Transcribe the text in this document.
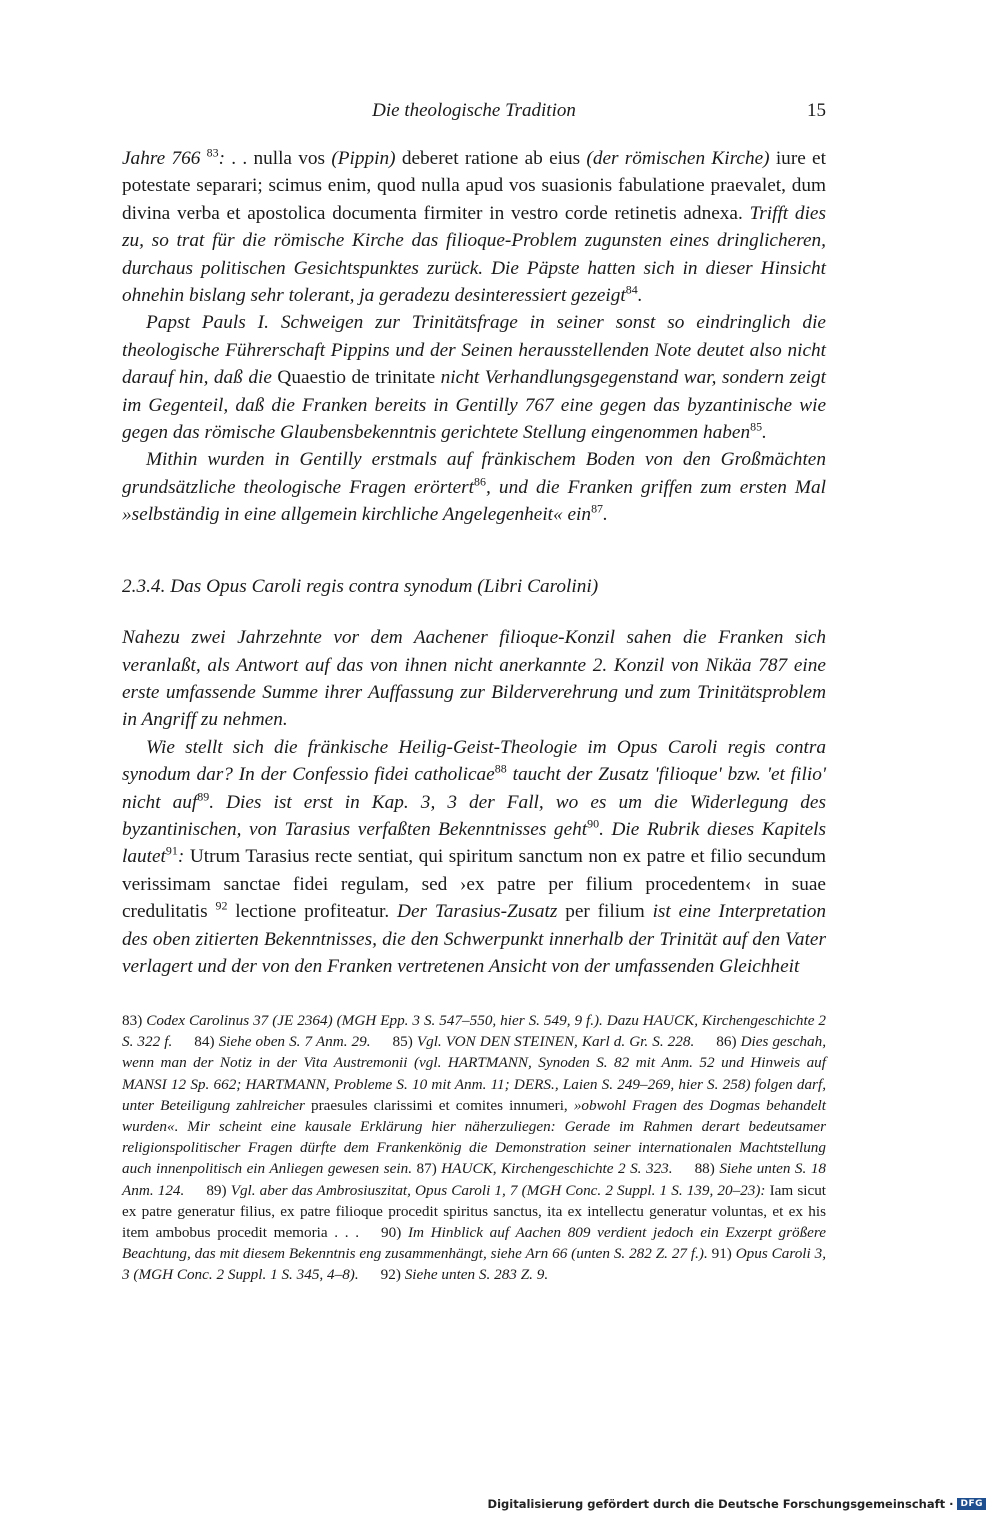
Die theologische Tradition	15

Jahre 766 $^{83}$: . . nulla vos (Pippin) deberet ratione ab eius (der römischen Kirche) iure et potestate separari; scimus enim, quod nulla apud vos suasionis fabulatione praevalet, dum divina verba et apostolica documenta firmiter in vestro corde retinetis adnexa. Trifft dies zu, so trat für die römische Kirche das filioque-Problem zugunsten eines dringlicheren, durchaus politischen Gesichtspunktes zurück. Die Päpste hatten sich in dieser Hinsicht ohnehin bislang sehr tolerant, ja geradezu desinteressiert gezeigt$^{84}$.

Papst Pauls I. Schweigen zur Trinitätsfrage in seiner sonst so eindringlich die theologische Führerschaft Pippins und der Seinen herausstellenden Note deutet also nicht darauf hin, daß die Quaestio de trinitate nicht Verhandlungsgegenstand war, sondern zeigt im Gegenteil, daß die Franken bereits in Gentilly 767 eine gegen das byzantinische wie gegen das römische Glaubensbekenntnis gerichtete Stellung eingenommen haben$^{85}$.

Mithin wurden in Gentilly erstmals auf fränkischem Boden von den Großmächten grundsätzliche theologische Fragen erörtert$^{86}$, und die Franken griffen zum ersten Mal »selbständig in eine allgemein kirchliche Angelegenheit« ein$^{87}$.

2.3.4. Das Opus Caroli regis contra synodum (Libri Carolini)

Nahezu zwei Jahrzehnte vor dem Aachener filioque-Konzil sahen die Franken sich veranlaßt, als Antwort auf das von ihnen nicht anerkannte 2. Konzil von Nikäa 787 eine erste umfassende Summe ihrer Auffassung zur Bilderverehrung und zum Trinitätsproblem in Angriff zu nehmen.

Wie stellt sich die fränkische Heilig-Geist-Theologie im Opus Caroli regis contra synodum dar? In der Confessio fidei catholicae$^{88}$ taucht der Zusatz 'filioque' bzw. 'et filio' nicht auf$^{89}$. Dies ist erst in Kap. 3, 3 der Fall, wo es um die Widerlegung des byzantinischen, von Tarasius verfaßten Bekenntnisses geht$^{90}$. Die Rubrik dieses Kapitels lautet$^{91}$: Utrum Tarasius recte sentiat, qui spiritum sanctum non ex patre et filio secundum verissimam sanctae fidei regulam, sed ›ex patre per filium procedentem‹ in suae credulitatis $^{92}$ lectione profiteatur. Der Tarasius-Zusatz per filium ist eine Interpretation des oben zitierten Bekenntnisses, die den Schwerpunkt innerhalb der Trinität auf den Vater verlagert und der von den Franken vertretenen Ansicht von der umfassenden Gleichheit

83) Codex Carolinus 37 (JE 2364) (MGH Epp. 3 S. 547–550, hier S. 549, 9 f.). Dazu HAUCK, Kirchengeschichte 2 S. 322 f. 84) Siehe oben S. 7 Anm. 29. 85) Vgl. VON DEN STEINEN, Karl d. Gr. S. 228. 86) Dies geschah, wenn man der Notiz in der Vita Austremonii (vgl. HARTMANN, Synoden S. 82 mit Anm. 52 und Hinweis auf MANSI 12 Sp. 662; HARTMANN, Probleme S. 10 mit Anm. 11; DERS., Laien S. 249–269, hier S. 258) folgen darf, unter Beteiligung zahlreicher praesules clarissimi et comites innumeri, »obwohl Fragen des Dogmas behandelt wurden«. Mir scheint eine kausale Erklärung hier näherzuliegen: Gerade im Rahmen derart bedeutsamer religionspolitischer Fragen dürfte dem Frankenkönig die Demonstration seiner internationalen Machtstellung auch innenpolitisch ein Anliegen gewesen sein. 87) HAUCK, Kirchengeschichte 2 S. 323. 88) Siehe unten S. 18 Anm. 124. 89) Vgl. aber das Ambrosiuszitat, Opus Caroli 1, 7 (MGH Conc. 2 Suppl. 1 S. 139, 20–23): Iam sicut ex patre generatur filius, ex patre filioque procedit spiritus sanctus, ita ex intellectu generatur voluntas, et ex his item ambobus procedit memoria . . . 90) Im Hinblick auf Aachen 809 verdient jedoch ein Exzerpt größere Beachtung, das mit diesem Bekenntnis eng zusammenhängt, siehe Arn 66 (unten S. 282 Z. 27 f.). 91) Opus Caroli 3, 3 (MGH Conc. 2 Suppl. 1 S. 345, 4–8). 92) Siehe unten S. 283 Z. 9.

Digitalisierung gefördert durch die Deutsche Forschungsgemeinschaft · DFG
